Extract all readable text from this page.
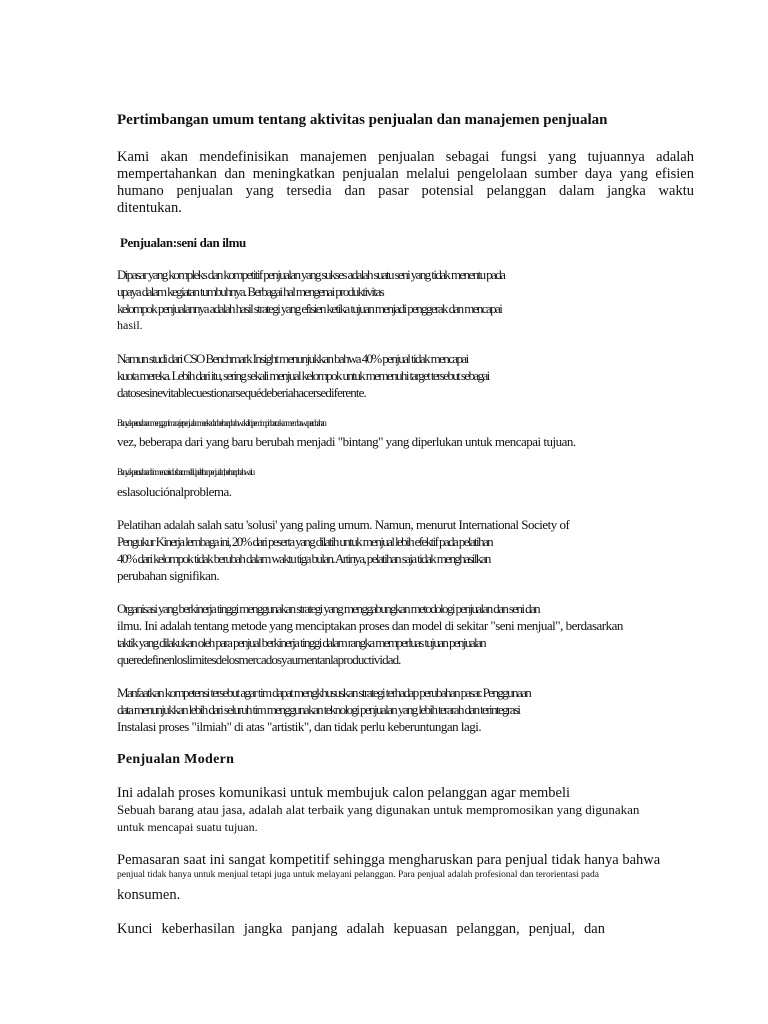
Pertimbangan umum tentang aktivitas penjualan dan manajemen penjualan

Kami akan mendefinisikan manajemen penjualan sebagai fungsi yang tujuannya adalah

mempertahankan dan meningkatkan penjualan melalui pengelolaan sumber daya yang efisien

humano penjualan yang tersedia dan pasar potensial pelanggan dalam jangka waktu

ditentukan.

Penjualan:seni dan ilmu

Dipasar yang kompleks dan kompetitif penjualan yang sukses adalah suatu seni yang tidak menentu pada

upaya dalam kegiatan tumbuhnya. Berbagai hal mengenai produktivitas

kelompok penjualannya adalah hasil strategi yang efisien ketika tujuan menjadi penggerak dan mencapai

hasil.

Namun studi dari CSO Benchmark Insight menunjukkan bahwa 40% penjual tidak mencapai

kuota mereka. Lebih dari itu, sering sekali menjual kelompok untuk memenuhi target tersebut sebagai

datosesinevitablecuestionarsequédeberiahacersediferente.

Banyak perusahaan mengganti manajer penjualan mereka dan berharap bahwa kali ini, pemimpin baru akan membawa perubahan

vez, beberapa dari yang baru berubah menjadi "bintang" yang diperlukan untuk mencapai tujuan.

Banyak perusahaan lain mencari solusi baru melalui pelatihan penjualan, berharap bahwa itu

eslasoluciónalproblema.

Pelatihan adalah salah satu 'solusi' yang paling umum. Namun, menurut International Society of

Pengukur Kinerja lembaga ini, 20% dari peserta yang dilatih untuk menjual lebih efektif pada pelatihan

40% dari kelompok tidak berubah dalam waktu tiga bulan. Artinya, pelatihan saja tidak menghasilkan

perubahan signifikan.

Organisasi yang berkinerja tinggi menggunakan strategi yang menggabungkan metodologi penjualan dan seni dan

ilmu. Ini adalah tentang metode yang menciptakan proses dan model di sekitar "seni menjual", berdasarkan

taktik yang dilakukan oleh para penjual berkinerja tinggi dalam rangka memperluas tujuan penjualan

queredefinenloslimitesdelosmercadosyaumentanlaproductividad.

Manfaatkan kompetensi tersebut agar tim dapat mengkhususkan strategi terhadap perubahan pasar. Penggunaan

data menunjukkan lebih dari seluruh tim menggunakan teknologi penjualan yang lebih terarah dan terintegrasi

Instalasi proses "ilmiah" di atas "artistik", dan tidak perlu keberuntungan lagi.

Penjualan Modern

Ini adalah proses komunikasi untuk membujuk calon pelanggan agar membeli

Sebuah barang atau jasa, adalah alat terbaik yang digunakan untuk mempromosikan yang digunakan

untuk mencapai suatu tujuan.

Pemasaran saat ini sangat kompetitif sehingga mengharuskan para penjual tidak hanya bahwa

penjual tidak hanya untuk menjual tetapi juga untuk melayani pelanggan. Para penjual adalah profesional dan terorientasi pada

konsumen.

Kunci keberhasilan jangka panjang adalah kepuasan pelanggan, penjual, dan
